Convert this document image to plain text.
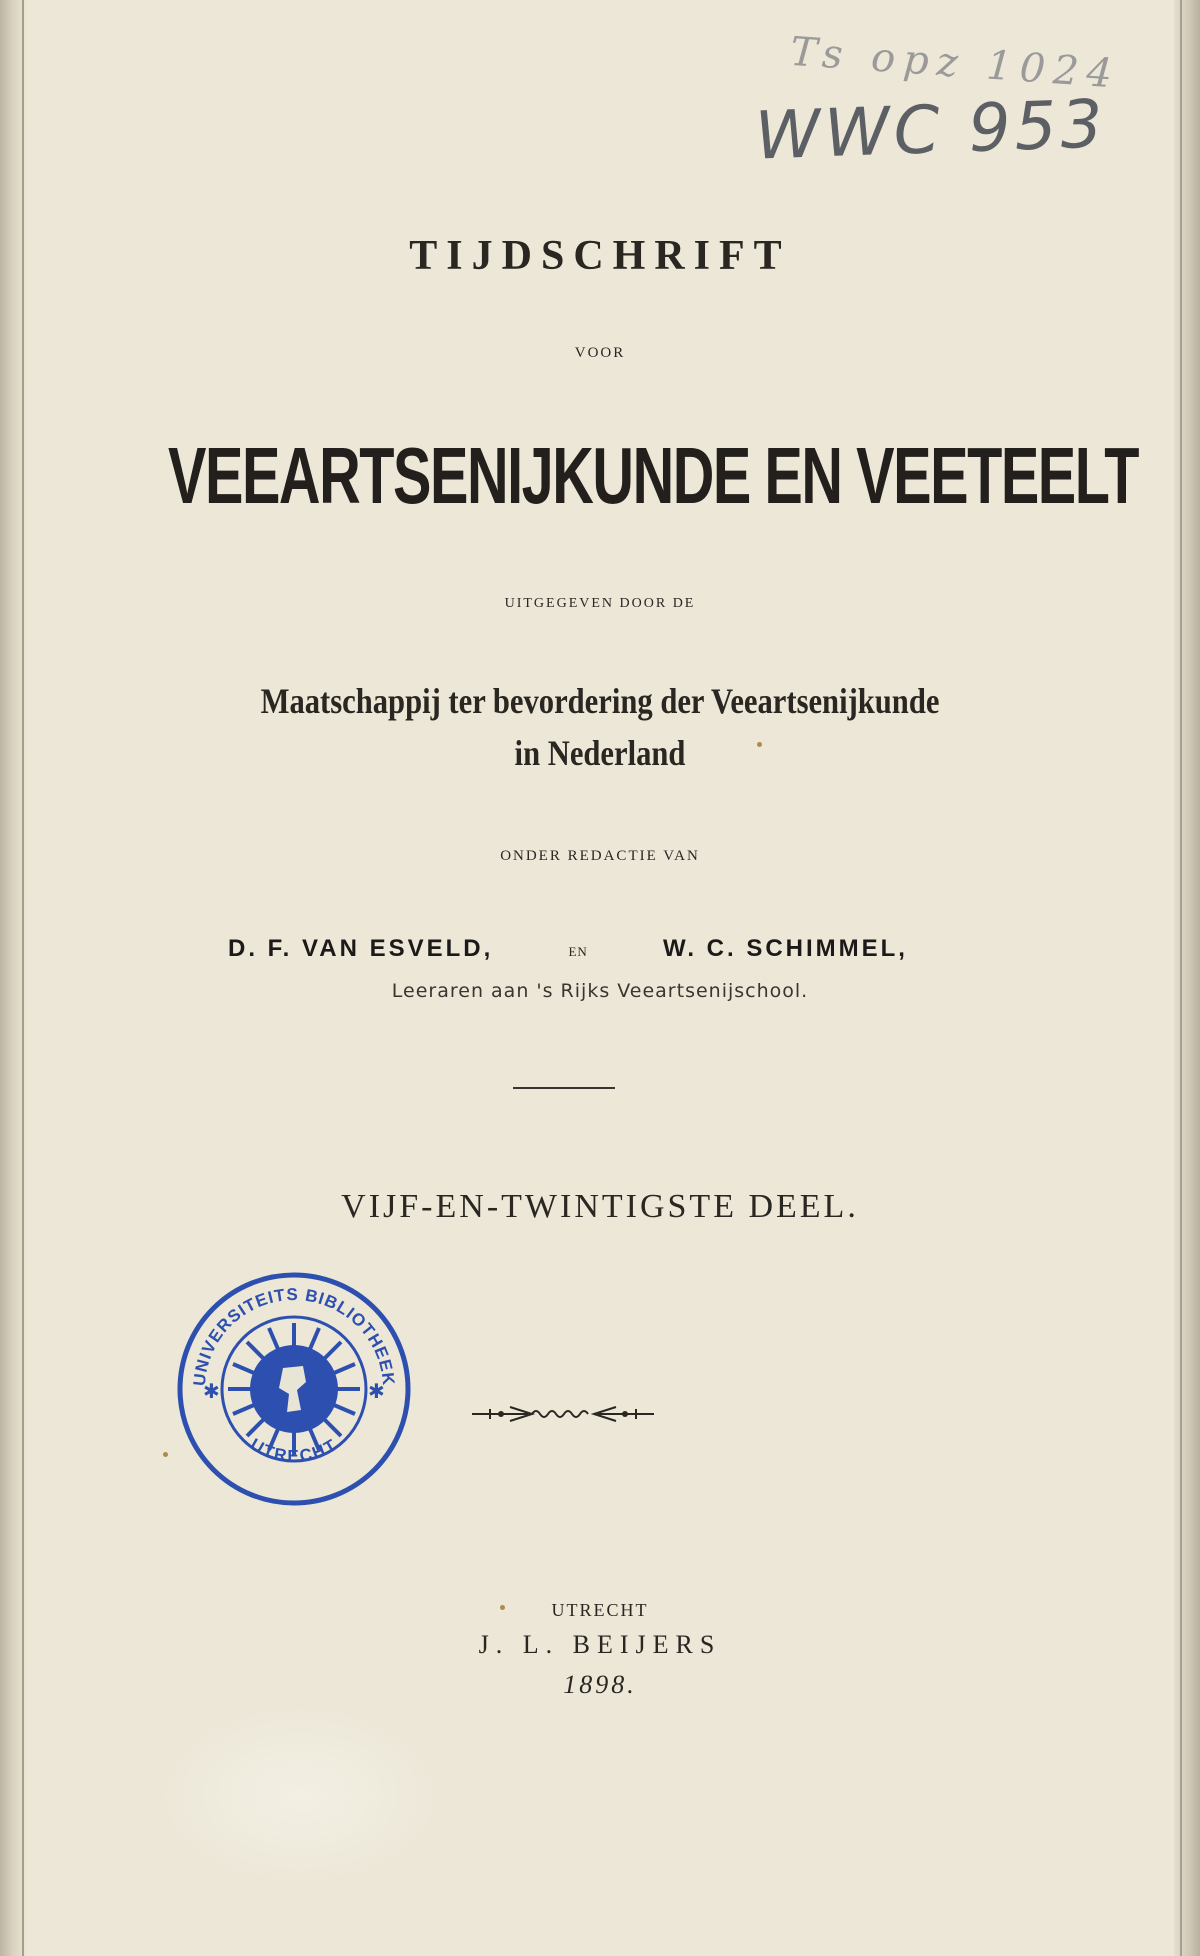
Ts opz 1024
WWC 953
TIJDSCHRIFT
VOOR
VEEARTSENIJKUNDE EN VEETEELT
UITGEGEVEN DOOR DE
Maatschappij ter bevordering der Veeartsenijkunde
in Nederland
ONDER REDACTIE VAN
D. F. VAN ESVELD,	EN	W. C. SCHIMMEL,
Leeraren aan 's Rijks Veeartsenijschool.
VIJF-EN-TWINTIGSTE DEEL.
UNIVERSITEITS BIBLIOTHEEK
UTRECHT
✱	✱
UTRECHT
J. L. BEIJERS
1898.
